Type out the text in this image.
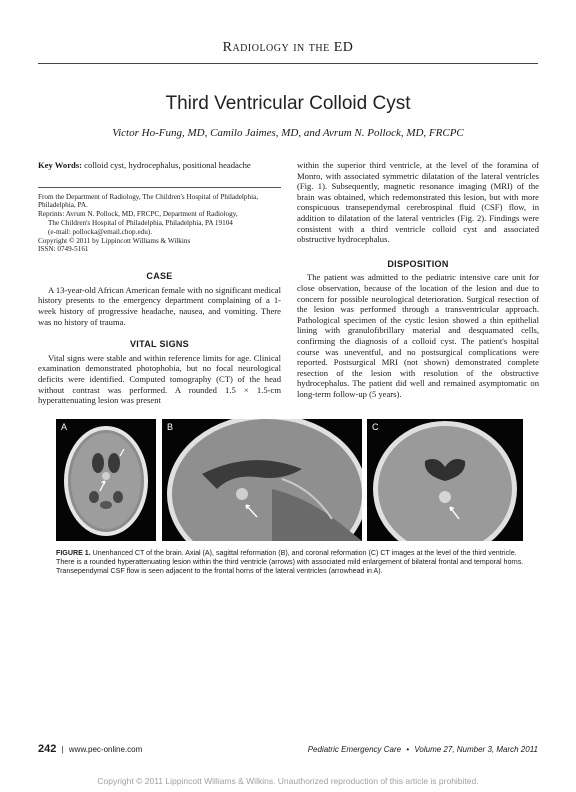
Radiology in the ED
Third Ventricular Colloid Cyst
Victor Ho-Fung, MD, Camilo Jaimes, MD, and Avrum N. Pollock, MD, FRCPC
Key Words: colloid cyst, hydrocephalus, positional headache
From the Department of Radiology, The Children's Hospital of Philadelphia, Philadelphia, PA.
Reprints: Avrum N. Pollock, MD, FRCPC, Department of Radiology,
The Children's Hospital of Philadelphia, Philadelphia, PA 19104
(e-mail: pollocka@email.chop.edu).
Copyright © 2011 by Lippincott Williams & Wilkins
ISSN: 0749-5161
CASE

A 13-year-old African American female with no significant medical history presents to the emergency department complaining of a 1-week history of progressive headache, nausea, and vomiting. There was no history of trauma.

VITAL SIGNS

Vital signs were stable and within reference limits for age. Clinical examination demonstrated photophobia, but no focal neurological deficits were identified. Computed tomography (CT) of the head without contrast was performed. A rounded 1.5 × 1.5-cm hyperattenuating lesion was present

within the superior third ventricle, at the level of the foramina of Monro, with associated symmetric dilatation of the lateral ventricles (Fig. 1). Subsequently, magnetic resonance imaging (MRI) of the brain was obtained, which redemonstrated this lesion, but with more conspicuous transependymal cerebrospinal fluid (CSF) flow, in addition to dilatation of the lateral ventricles (Fig. 2). Findings were consistent with a third ventricle colloid cyst and associated obstructive hydrocephalus.

DISPOSITION

The patient was admitted to the pediatric intensive care unit for close observation, because of the location of the lesion and due to concern for possible neurological deterioration. Surgical resection of the lesion was performed through a transventricular approach. Pathological specimen of the cystic lesion showed a thin epithelial lining with granulofibrillary material and desquamated cells, confirming the diagnosis of a colloid cyst. The patient's hospital course was uneventful, and no postsurgical complications were reported. Postsurgical MRI (not shown) demonstrated complete resection of the lesion with resolution of the obstructive hydrocephalus. The patient did well and remained asymptomatic on long-term follow-up (5 years).

A	B	C
FIGURE 1. Unenhanced CT of the brain. Axial (A), sagittal reformation (B), and coronal reformation (C) CT images at the level of the third ventricle. There is a rounded hyperattenuating lesion within the third ventricle (arrows) with associated mild enlargement of bilateral frontal and temporal horns. Transependymal CSF flow is seen adjacent to the frontal horns of the lateral ventricles (arrowhead in A).
242 | www.pec-online.com	Pediatric Emergency Care • Volume 27, Number 3, March 2011
Copyright © 2011 Lippincott Williams & Wilkins. Unauthorized reproduction of this article is prohibited.
